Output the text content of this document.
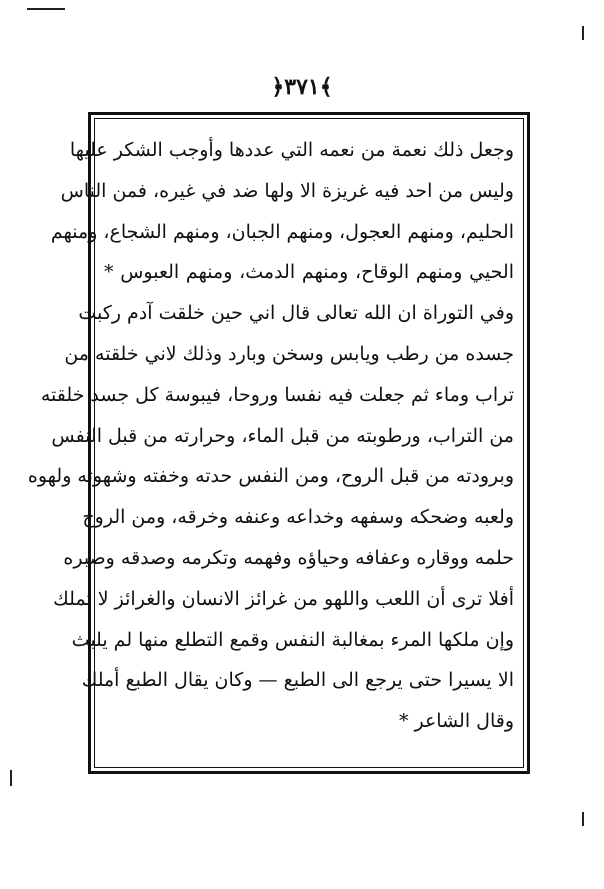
﴿٣٧١﴾
وجعل ذلك نعمة من نعمه التي عددها وأوجب الشكر عليها
وليس من احد فيه غريزة الا ولها ضد في غيره، فمن الناس
الحليم، ومنهم العجول، ومنهم الجبان، ومنهم الشجاع، ومنهم
الحيي ومنهم الوقاح، ومنهم الدمث، ومنهم العبوس *
وفي التوراة ان الله تعالى قال اني حين خلقت آدم ركبت
جسده من رطب ويابس وسخن وبارد وذلك لاني خلقته من
تراب وماء ثم جعلت فيه نفسا وروحا، فيبوسة كل جسد خلقته
من التراب، ورطوبته من قبل الماء، وحرارته من قبل النفس
وبرودته من قبل الروح، ومن النفس حدته وخفته وشهوته ولهوه
ولعبه وضحكه وسفهه وخداعه وعنفه وخرقه، ومن الروح
حلمه ووقاره وعفافه وحياؤه وفهمه وتكرمه وصدقه وصبره
أفلا ترى أن اللعب واللهو من غرائز الانسان والغرائز لا تملك
وإن ملكها المرء بمغالبة النفس وقمع التطلع منها لم يلبث
الا يسيرا حتى يرجع الى الطبع — وكان يقال الطبع أملك
وقال الشاعر *
